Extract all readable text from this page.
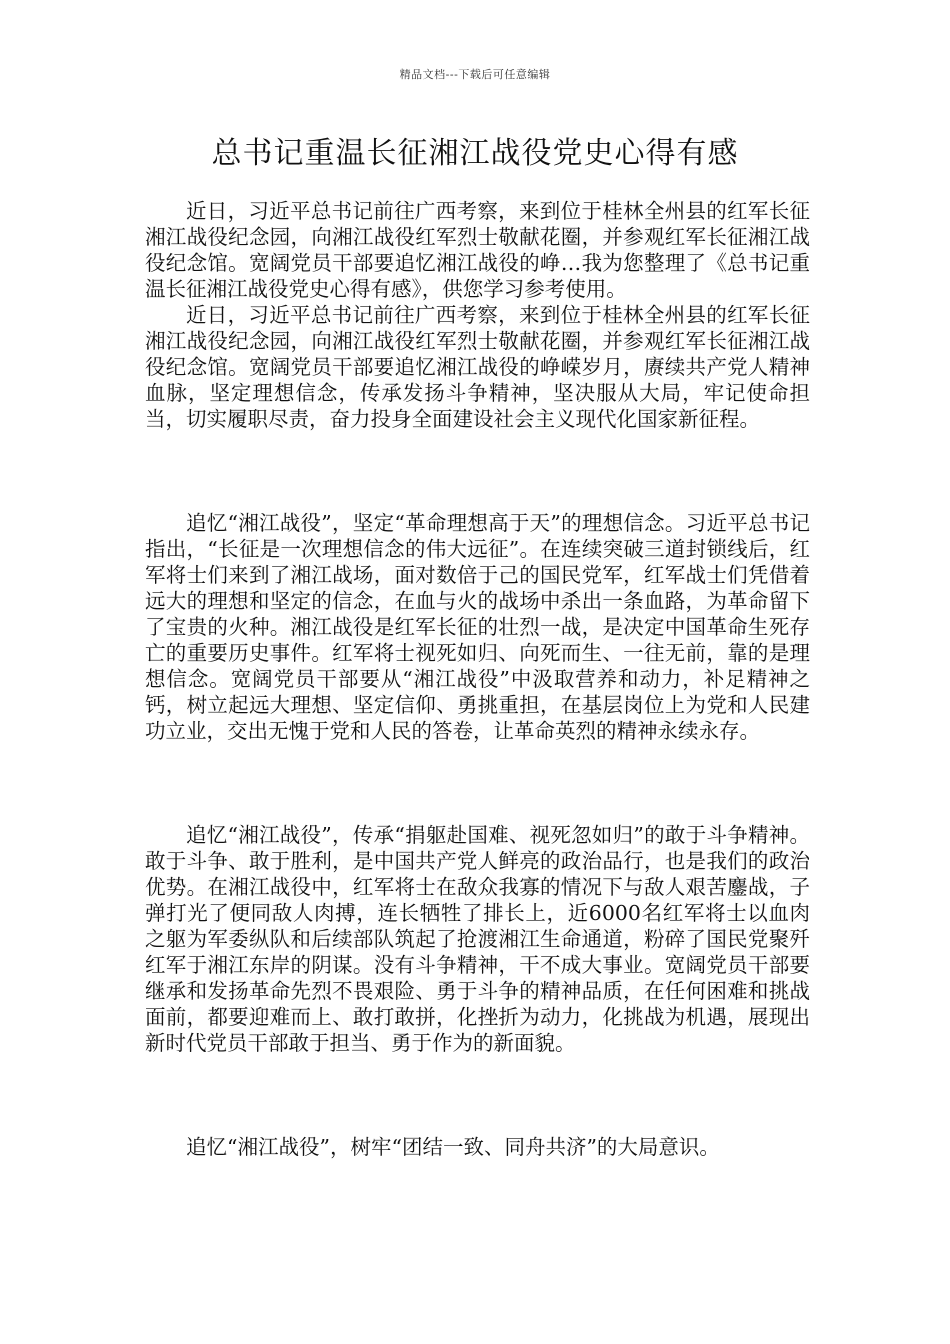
精品文档---下载后可任意编辑
总书记重温长征湘江战役党史心得有感

近日，习近平总书记前往广西考察，来到位于桂林全州县的红军长征湘江战役纪念园，向湘江战役红军烈士敬献花圈，并参观红军长征湘江战役纪念馆。宽阔党员干部要追忆湘江战役的峥…我为您整理了《总书记重温长征湘江战役党史心得有感》，供您学习参考使用。

近日，习近平总书记前往广西考察，来到位于桂林全州县的红军长征湘江战役纪念园，向湘江战役红军烈士敬献花圈，并参观红军长征湘江战役纪念馆。宽阔党员干部要追忆湘江战役的峥嵘岁月，赓续共产党人精神血脉，坚定理想信念，传承发扬斗争精神，坚决服从大局，牢记使命担当，切实履职尽责，奋力投身全面建设社会主义现代化国家新征程。

追忆“湘江战役”，坚定“革命理想高于天”的理想信念。习近平总书记指出，“长征是一次理想信念的伟大远征”。在连续突破三道封锁线后，红军将士们来到了湘江战场，面对数倍于己的国民党军，红军战士们凭借着远大的理想和坚定的信念，在血与火的战场中杀出一条血路，为革命留下了宝贵的火种。湘江战役是红军长征的壮烈一战，是决定中国革命生死存亡的重要历史事件。红军将士视死如归、向死而生、一往无前，靠的是理想信念。宽阔党员干部要从“湘江战役”中汲取营养和动力，补足精神之钙，树立起远大理想、坚定信仰、勇挑重担，在基层岗位上为党和人民建功立业，交出无愧于党和人民的答卷，让革命英烈的精神永续永存。

追忆“湘江战役”，传承“捐躯赴国难、视死忽如归”的敢于斗争精神。敢于斗争、敢于胜利，是中国共产党人鲜亮的政治品行，也是我们的政治优势。在湘江战役中，红军将士在敌众我寡的情况下与敌人艰苦鏖战，子弹打光了便同敌人肉搏，连长牺牲了排长上，近6000名红军将士以血肉之躯为军委纵队和后续部队筑起了抢渡湘江生命通道，粉碎了国民党聚歼红军于湘江东岸的阴谋。没有斗争精神，干不成大事业。宽阔党员干部要继承和发扬革命先烈不畏艰险、勇于斗争的精神品质，在任何困难和挑战面前，都要迎难而上、敢打敢拼，化挫折为动力，化挑战为机遇，展现出新时代党员干部敢于担当、勇于作为的新面貌。

追忆“湘江战役”，树牢“团结一致、同舟共济”的大局意识。
